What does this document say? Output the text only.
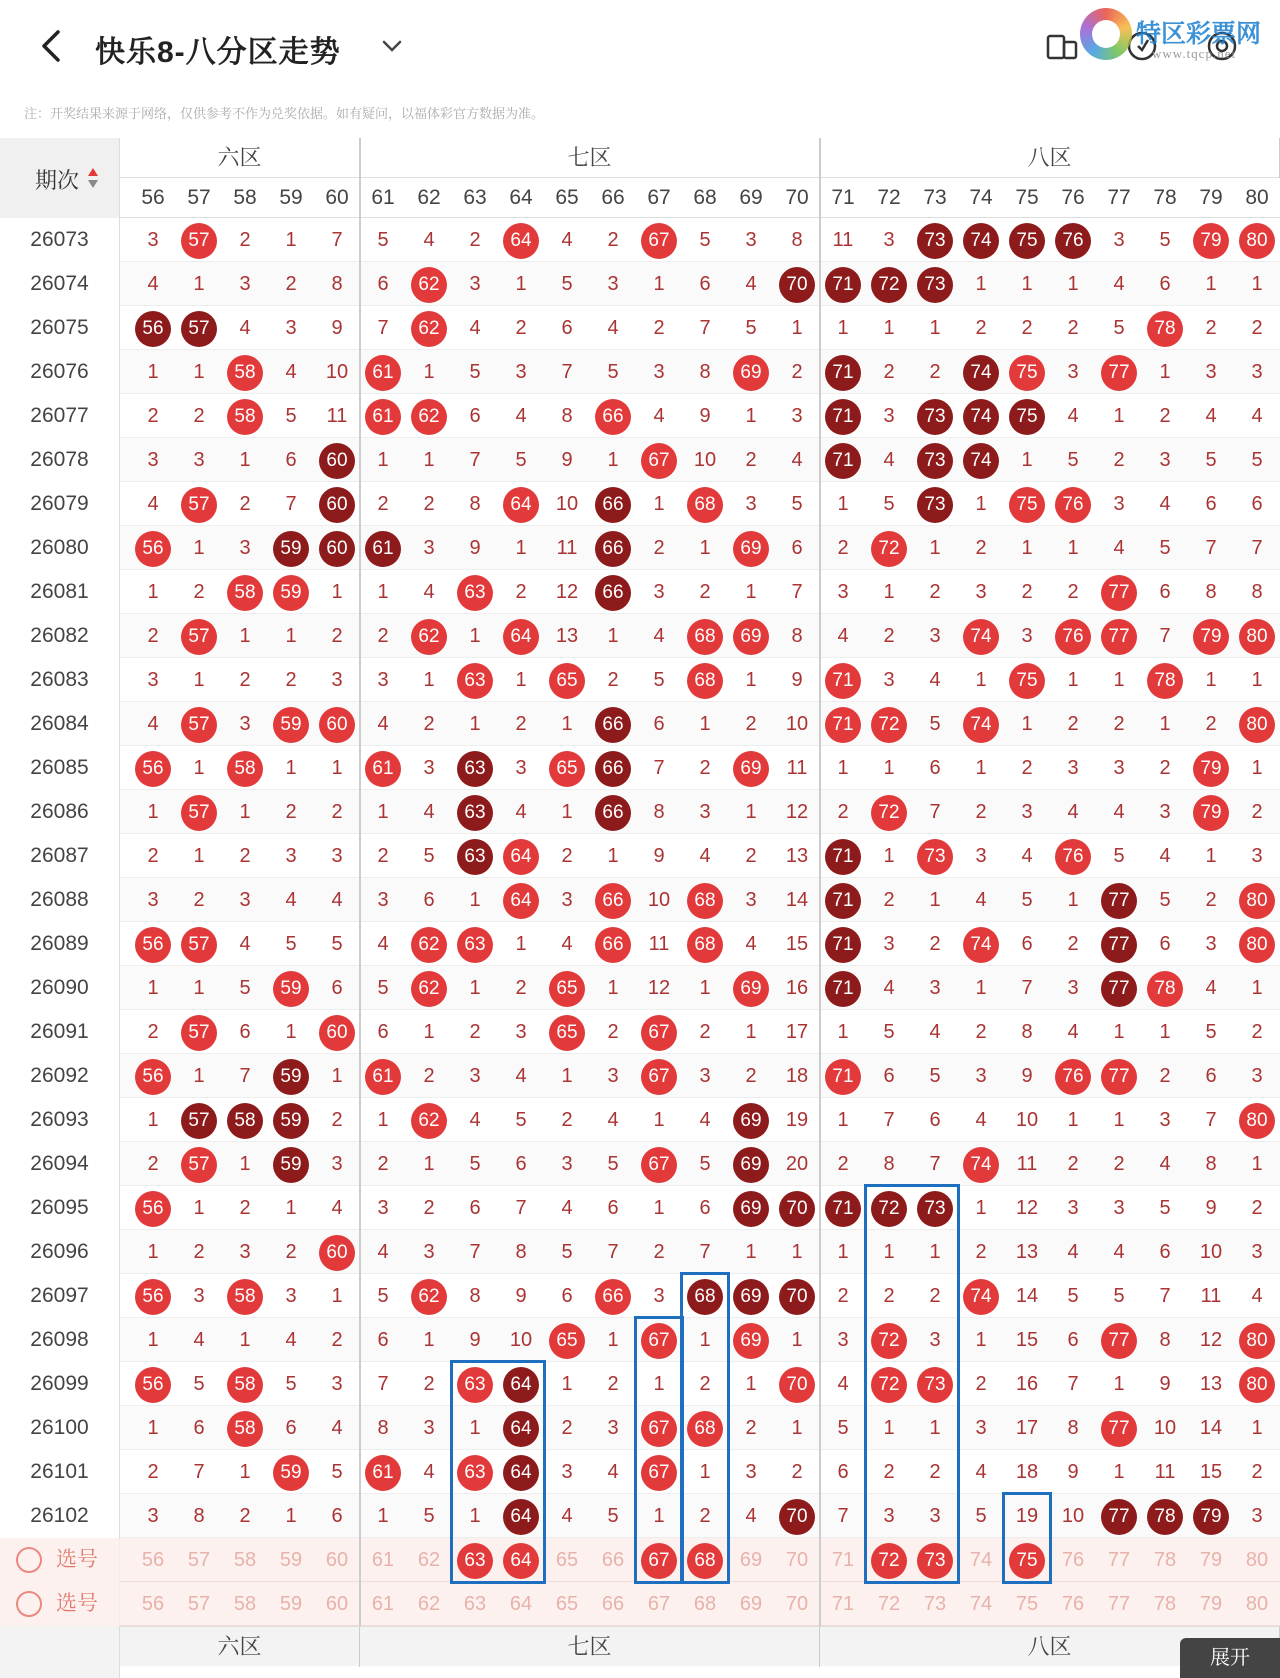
快乐8-八分区走势
特区彩票网
www.tqcp.net
注：开奖结果来源于网络，仅供参考不作为兑奖依据。如有疑问，以福体彩官方数据为准。
期次
六区	七区	八区
56	57	58	59	60	61	62	63	64	65	66	67	68	69	70	71	72	73	74	75	76	77	78	79	80
26073	3	57	2	1	7	5	4	2	64	4	2	67	5	3	8	11	3	73	74	75	76	3	5	79	80
26074	4	1	3	2	8	6	62	3	1	5	3	1	6	4	70	71	72	73	1	1	1	4	6	1	1
26075	56	57	4	3	9	7	62	4	2	6	4	2	7	5	1	1	1	1	2	2	2	5	78	2	2
26076	1	1	58	4	10	61	1	5	3	7	5	3	8	69	2	71	2	2	74	75	3	77	1	3	3
26077	2	2	58	5	11	61	62	6	4	8	66	4	9	1	3	71	3	73	74	75	4	1	2	4	4
26078	3	3	1	6	60	1	1	7	5	9	1	67	10	2	4	71	4	73	74	1	5	2	3	5	5
26079	4	57	2	7	60	2	2	8	64	10	66	1	68	3	5	1	5	73	1	75	76	3	4	6	6
26080	56	1	3	59	60	61	3	9	1	11	66	2	1	69	6	2	72	1	2	1	1	4	5	7	7
26081	1	2	58	59	1	1	4	63	2	12	66	3	2	1	7	3	1	2	3	2	2	77	6	8	8
26082	2	57	1	1	2	2	62	1	64	13	1	4	68	69	8	4	2	3	74	3	76	77	7	79	80
26083	3	1	2	2	3	3	1	63	1	65	2	5	68	1	9	71	3	4	1	75	1	1	78	1	1
26084	4	57	3	59	60	4	2	1	2	1	66	6	1	2	10	71	72	5	74	1	2	2	1	2	80
26085	56	1	58	1	1	61	3	63	3	65	66	7	2	69	11	1	1	6	1	2	3	3	2	79	1
26086	1	57	1	2	2	1	4	63	4	1	66	8	3	1	12	2	72	7	2	3	4	4	3	79	2
26087	2	1	2	3	3	2	5	63	64	2	1	9	4	2	13	71	1	73	3	4	76	5	4	1	3
26088	3	2	3	4	4	3	6	1	64	3	66	10	68	3	14	71	2	1	4	5	1	77	5	2	80
26089	56	57	4	5	5	4	62	63	1	4	66	11	68	4	15	71	3	2	74	6	2	77	6	3	80
26090	1	1	5	59	6	5	62	1	2	65	1	12	1	69	16	71	4	3	1	7	3	77	78	4	1
26091	2	57	6	1	60	6	1	2	3	65	2	67	2	1	17	1	5	4	2	8	4	1	1	5	2
26092	56	1	7	59	1	61	2	3	4	1	3	67	3	2	18	71	6	5	3	9	76	77	2	6	3
26093	1	57	58	59	2	1	62	4	5	2	4	1	4	69	19	1	7	6	4	10	1	1	3	7	80
26094	2	57	1	59	3	2	1	5	6	3	5	67	5	69	20	2	8	7	74	11	2	2	4	8	1
26095	56	1	2	1	4	3	2	6	7	4	6	1	6	69	70	71	72	73	1	12	3	3	5	9	2
26096	1	2	3	2	60	4	3	7	8	5	7	2	7	1	1	1	1	1	2	13	4	4	6	10	3
26097	56	3	58	3	1	5	62	8	9	6	66	3	68	69	70	2	2	2	74	14	5	5	7	11	4
26098	1	4	1	4	2	6	1	9	10	65	1	67	1	69	1	3	72	3	1	15	6	77	8	12	80
26099	56	5	58	5	3	7	2	63	64	1	2	1	2	1	70	4	72	73	2	16	7	1	9	13	80
26100	1	6	58	6	4	8	3	1	64	2	3	67	68	2	1	5	1	1	3	17	8	77	10	14	1
26101	2	7	1	59	5	61	4	63	64	3	4	67	1	3	2	6	2	2	4	18	9	1	11	15	2
26102	3	8	2	1	6	1	5	1	64	4	5	1	2	4	70	7	3	3	5	19	10	77	78	79	3
选号	56	57	58	59	60	61	62	63	64	65	66	67	68	69	70	71	72	73	74	75	76	77	78	79	80
选号	56	57	58	59	60	61	62	63	64	65	66	67	68	69	70	71	72	73	74	75	76	77	78	79	80
六区	七区	八区	展开
